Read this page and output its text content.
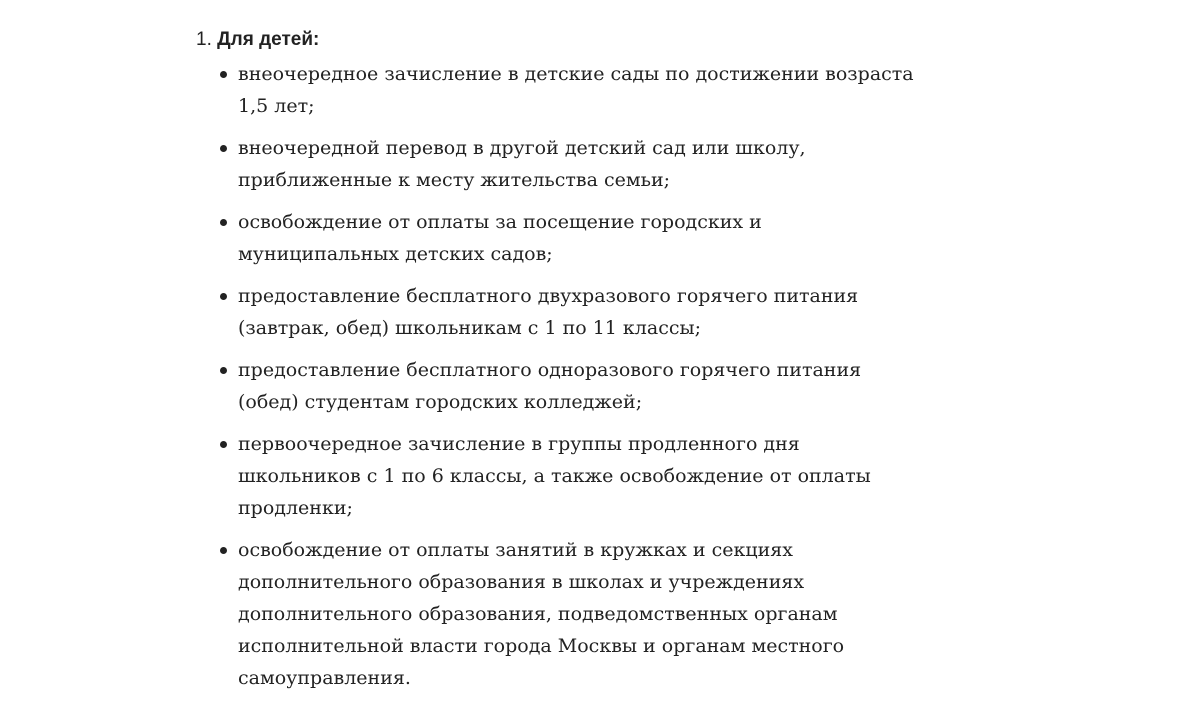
1. Для детей:
внеочередное зачисление в детские сады по достижении возраста 1,5 лет;
внеочередной перевод в другой детский сад или школу, приближенные к месту жительства семьи;
освобождение от оплаты за посещение городских и муниципальных детских садов;
предоставление бесплатного двухразового горячего питания (завтрак, обед) школьникам с 1 по 11 классы;
предоставление бесплатного одноразового горячего питания (обед) студентам городских колледжей;
первоочередное зачисление в группы продленного дня школьников с 1 по 6 классы, а также освобождение от оплаты продленки;
освобождение от оплаты занятий в кружках и секциях дополнительного образования в школах и учреждениях дополнительного образования, подведомственных органам исполнительной власти города Москвы и органам местного самоуправления.
